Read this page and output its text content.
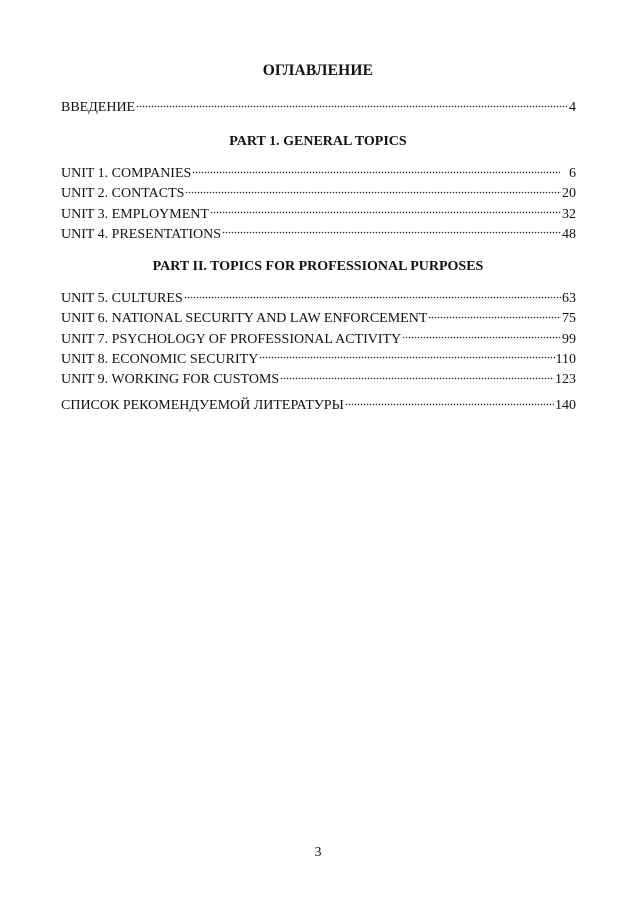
ОГЛАВЛЕНИЕ
ВВЕДЕНИЕ	4
PART 1. GENERAL TOPICS
UNIT 1. COMPANIES	6
UNIT 2. CONTACTS	20
UNIT 3. EMPLOYMENT	32
UNIT 4. PRESENTATIONS	48
PART II. TOPICS FOR PROFESSIONAL PURPOSES
UNIT 5. CULTURES	63
UNIT 6. NATIONAL SECURITY AND LAW ENFORCEMENT	75
UNIT 7. PSYCHOLOGY OF PROFESSIONAL ACTIVITY	99
UNIT 8. ECONOMIC SECURITY	110
UNIT 9. WORKING FOR CUSTOMS	123
СПИСОК РЕКОМЕНДУЕМОЙ ЛИТЕРАТУРЫ	140
3
